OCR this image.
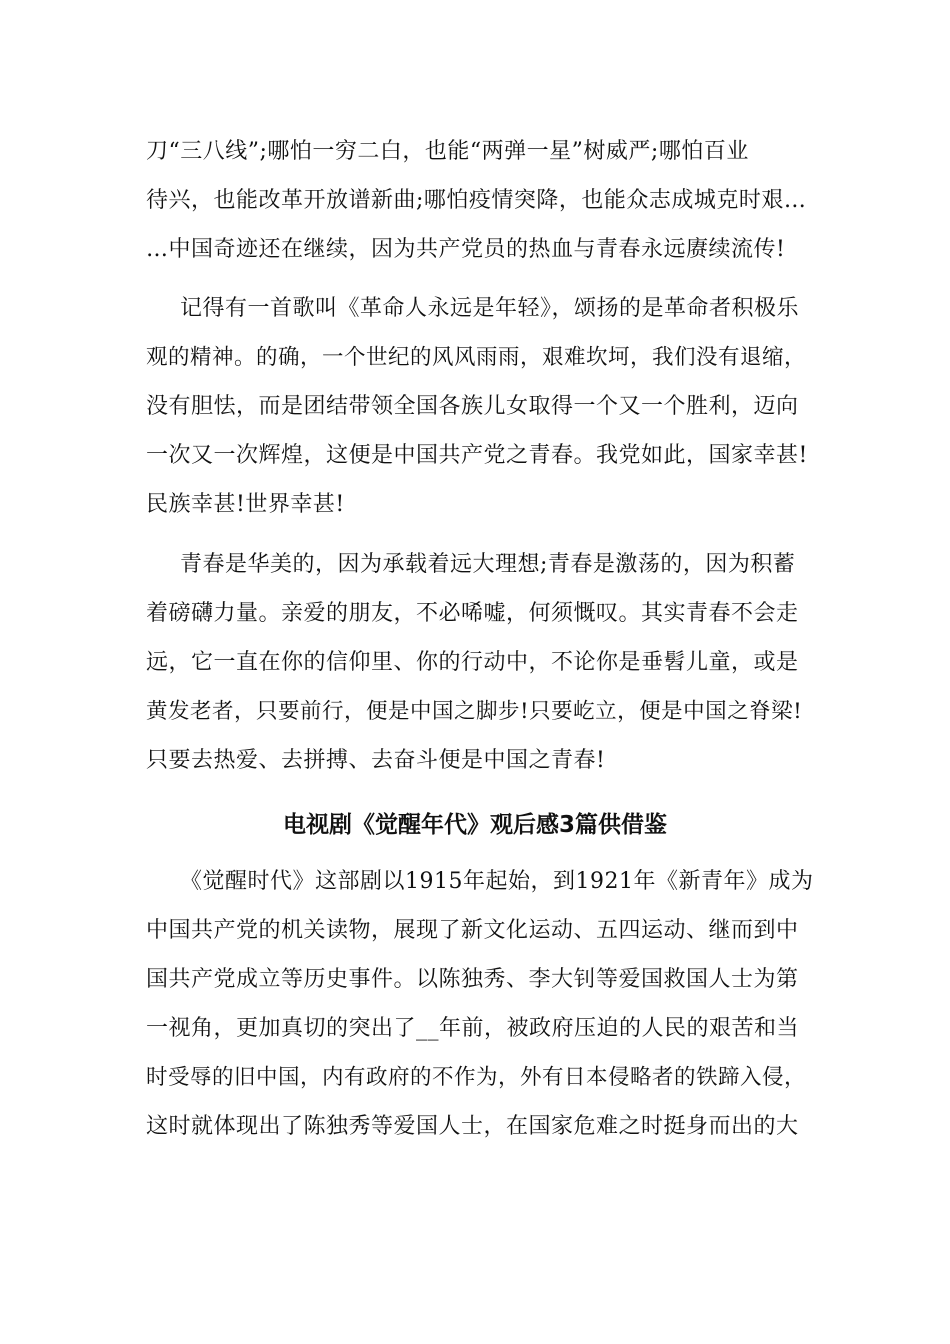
刀“三八线”;哪怕一穷二白，也能“两弹一星”树威严;哪怕百业
待兴，也能改革开放谱新曲;哪怕疫情突降，也能众志成城克时艰…
…中国奇迹还在继续，因为共产党员的热血与青春永远赓续流传!
记得有一首歌叫《革命人永远是年轻》，颂扬的是革命者积极乐
观的精神。的确，一个世纪的风风雨雨，艰难坎坷，我们没有退缩，
没有胆怯，而是团结带领全国各族儿女取得一个又一个胜利，迈向
一次又一次辉煌，这便是中国共产党之青春。我党如此，国家幸甚!
民族幸甚!世界幸甚!
青春是华美的，因为承载着远大理想;青春是激荡的，因为积蓄
着磅礴力量。亲爱的朋友，不必唏嘘，何须慨叹。其实青春不会走
远，它一直在你的信仰里、你的行动中，不论你是垂髫儿童，或是
黄发老者，只要前行，便是中国之脚步!只要屹立，便是中国之脊梁!
只要去热爱、去拼搏、去奋斗便是中国之青春!
电视剧《觉醒年代》观后感3篇供借鉴
《觉醒时代》这部剧以1915年起始，到1921年《新青年》成为
中国共产党的机关读物，展现了新文化运动、五四运动、继而到中
国共产党成立等历史事件。以陈独秀、李大钊等爱国救国人士为第
一视角，更加真切的突出了__年前，被政府压迫的人民的艰苦和当
时受辱的旧中国，内有政府的不作为，外有日本侵略者的铁蹄入侵，
这时就体现出了陈独秀等爱国人士，在国家危难之时挺身而出的大
